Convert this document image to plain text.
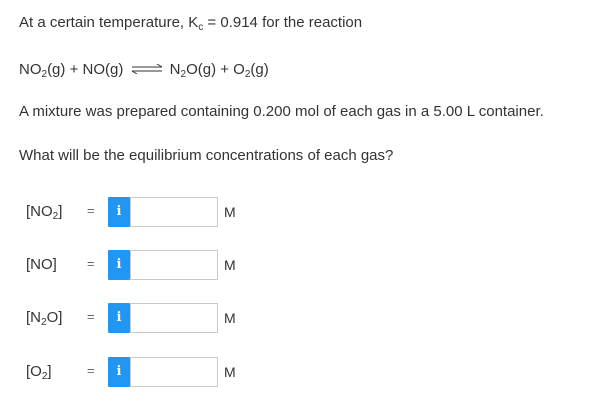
At a certain temperature, $K_c = 0.914$ for the reaction
$NO_2(g) + NO(g)$ ⇌ $N_2O(g) + O_2(g)$
A mixture was prepared containing 0.200 mol of each gas in a 5.00 L container.
What will be the equilibrium concentrations of each gas?
$[NO_2]$ =	i	M
[NO] =	i	M
$[N_2O]$ =	i	M
$[O_2]$	=	i	M
